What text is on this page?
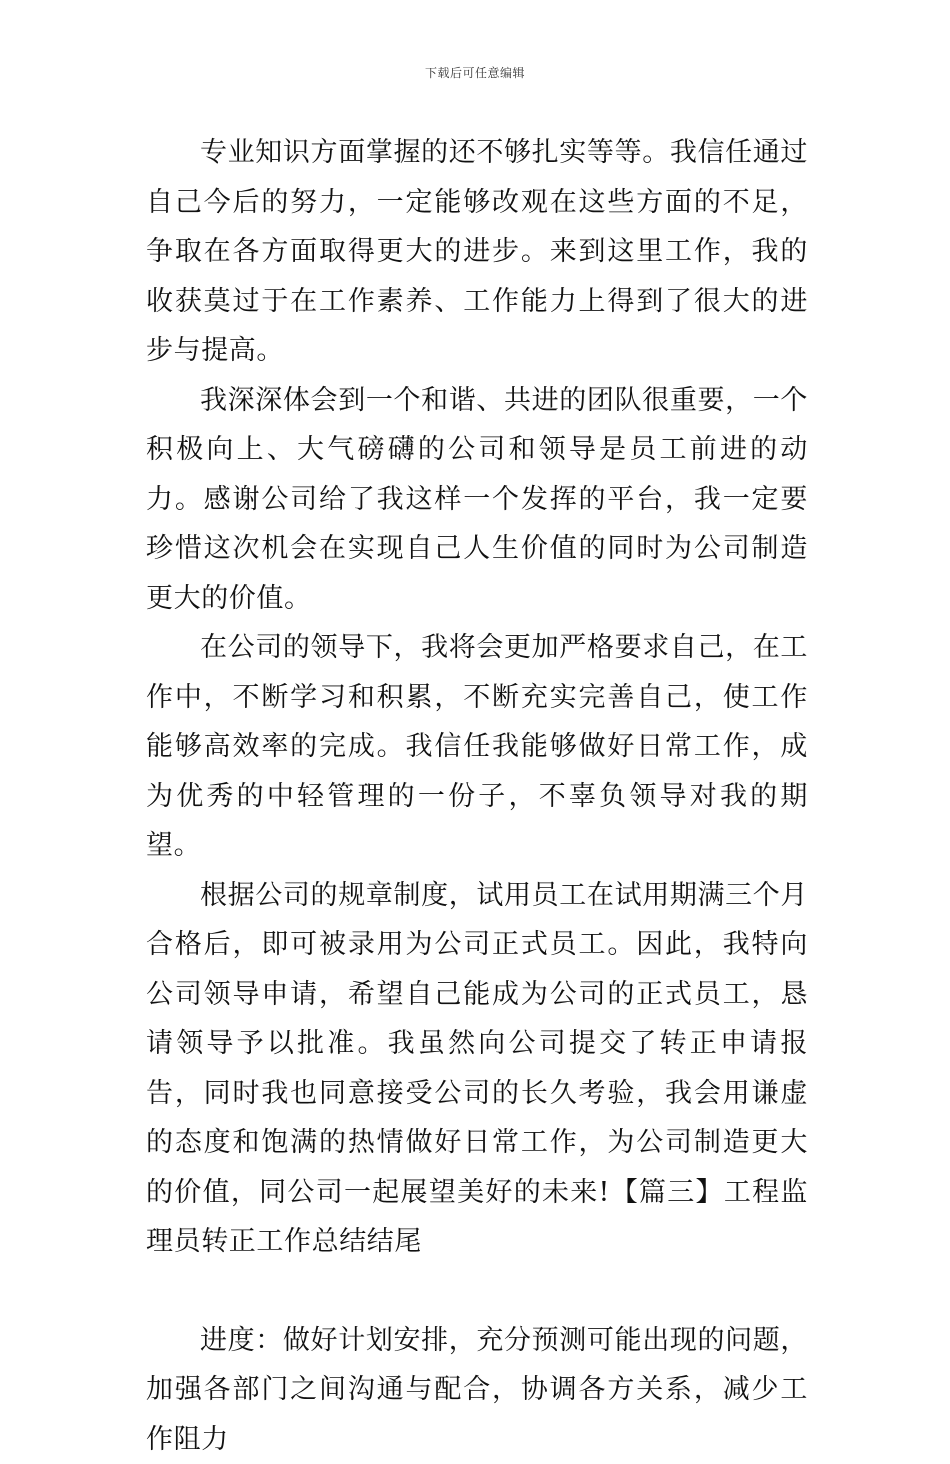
下载后可任意编辑

专业知识方面掌握的还不够扎实等等。我信任通过自己今后的努力，一定能够改观在这些方面的不足，争取在各方面取得更大的进步。来到这里工作，我的收获莫过于在工作素养、工作能力上得到了很大的进步与提高。

我深深体会到一个和谐、共进的团队很重要，一个积极向上、大气磅礴的公司和领导是员工前进的动力。感谢公司给了我这样一个发挥的平台，我一定要珍惜这次机会在实现自己人生价值的同时为公司制造更大的价值。

在公司的领导下，我将会更加严格要求自己，在工作中，不断学习和积累，不断充实完善自己，使工作能够高效率的完成。我信任我能够做好日常工作，成为优秀的中轻管理的一份子，不辜负领导对我的期望。

根据公司的规章制度，试用员工在试用期满三个月合格后，即可被录用为公司正式员工。因此，我特向公司领导申请，希望自己能成为公司的正式员工，恳请领导予以批准。我虽然向公司提交了转正申请报告，同时我也同意接受公司的长久考验，我会用谦虚的态度和饱满的热情做好日常工作，为公司制造更大的价值，同公司一起展望美好的未来!【篇三】工程监理员转正工作总结结尾

进度：做好计划安排，充分预测可能出现的问题，加强各部门之间沟通与配合，协调各方关系，减少工作阻力
